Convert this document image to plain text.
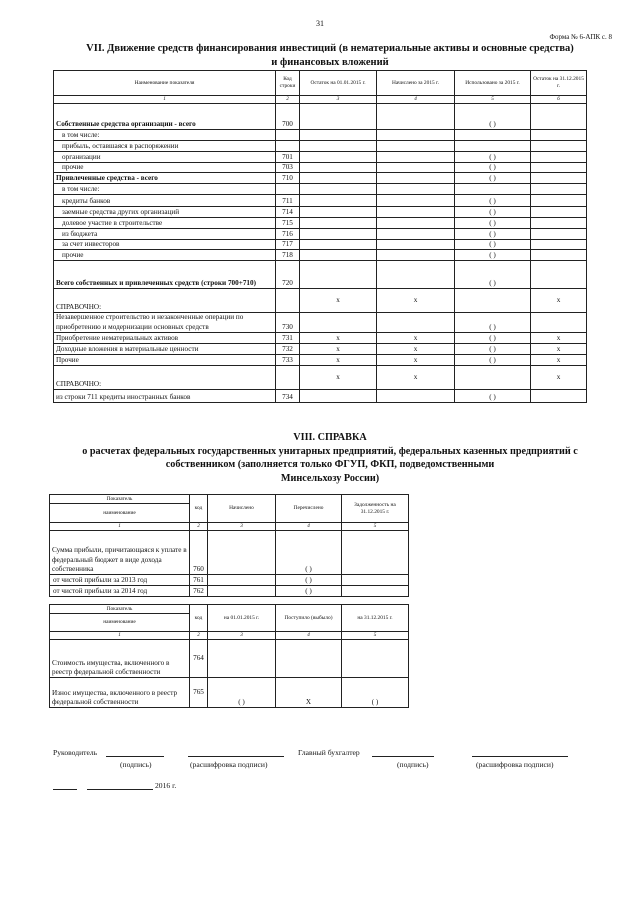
31
Форма № 6-АПК с. 8
VII. Движение средств финансирования инвестиций (в нематериальные активы и основные средства)
и финансовых вложений
Наименование показателя	Код строки	Остаток на 01.01.2015 г.	Начислено за 2015 г.	Использовано за 2015 г.	Остаток на 31.12.2015 г.
1	2	3	4	5	6
Собственные средства организации - всего	700			( )	
в том числе:					
прибыль, оставшаяся в распоряжении					
организации	701			( )	
прочие	703			( )	
Привлеченные средства - всего	710			( )	
в том числе:					
кредиты банков	711			( )	
заемные средства других организаций	714			( )	
долевое участие в строительстве	715			( )	
из бюджета	716			( )	
за счет инвесторов	717			( )	
прочие	718			( )	
Всего собственных и привлеченных средств (строки 700+710)	720			( )	
СПРАВОЧНО:		x	x		x
Незавершенное строительство и незаконченные операции по приобретению и модернизации основных средств	730			( )	
Приобретение нематериальных активов	731	x	x	( )	x
Доходные вложения в материальные ценности	732	x	x	( )	x
Прочие	733	x	x	( )	x
СПРАВОЧНО:		x	x		x
из строки 711 кредиты иностранных банков	734			( )	
VIII. СПРАВКА
о расчетах федеральных государственных унитарных предприятий, федеральных казенных предприятий с
собственником (заполняется только ФГУП, ФКП, подведомственными
Минсельхозу России)
Показатель	код	Начислено	Перечислено	Задолженность на 31.12.2015 г.
наименование				
1	2	3	4	5
Сумма прибыли, причитающаяся к уплате в федеральный бюджет в виде дохода собственника	760		( )	
от чистой прибыли за 2013 год	761		( )	
от чистой прибыли за 2014 год	762		( )	
Показатель	код	на 01.01.2015 г.	Поступило (выбыло)	на 31.12.2015 г.
наименование				
1	2	3	4	5
Стоимость имущества, включенного в реестр федеральной собственности	764			
Износ имущества, включенного в реестр федеральной собственности	765	( )	X	( )
Руководитель
(подпись)	(расшифровка подписи)
Главный бухгалтер
(подпись)	(расшифровка подписи)
2016 г.
